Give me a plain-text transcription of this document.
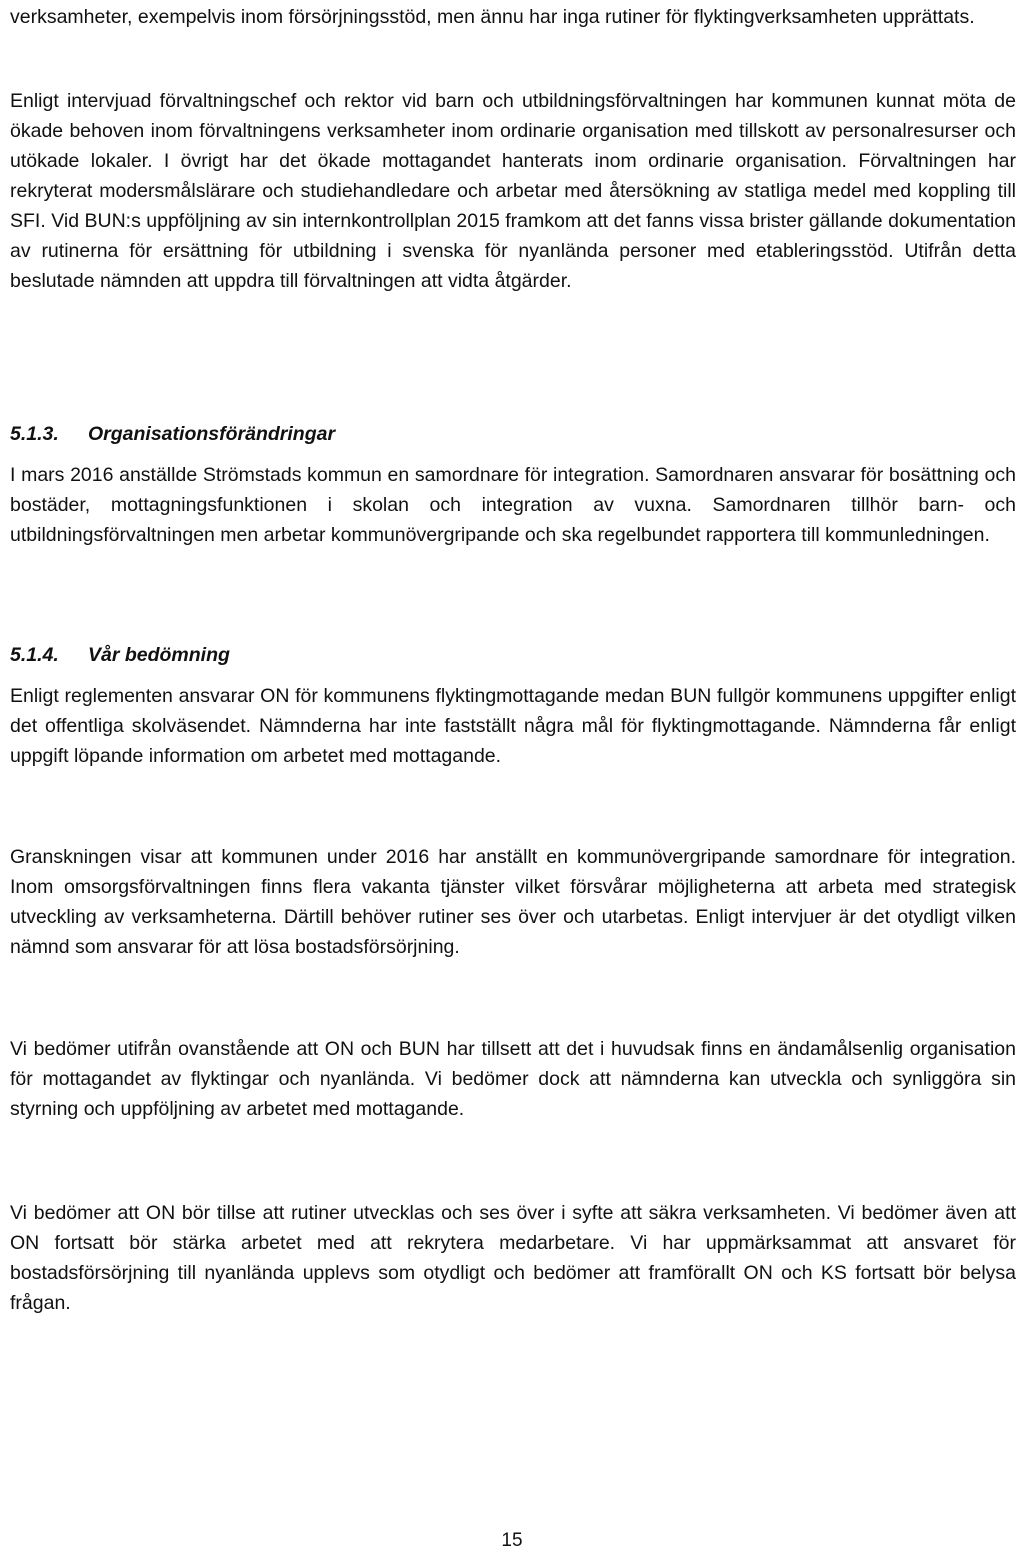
verksamheter, exempelvis inom försörjningsstöd, men ännu har inga rutiner för flyktingverksamheten upprättats.

Enligt intervjuad förvaltningschef och rektor vid barn och utbildningsförvaltningen har kommunen kunnat möta de ökade behoven inom förvaltningens verksamheter inom ordinarie organisation med tillskott av personalresurser och utökade lokaler. I övrigt har det ökade mottagandet hanterats inom ordinarie organisation. Förvaltningen har rekryterat modersmålslärare och studiehandledare och arbetar med återsökning av statliga medel med koppling till SFI. Vid BUN:s uppföljning av sin internkontrollplan 2015 framkom att det fanns vissa brister gällande dokumentation av rutinerna för ersättning för utbildning i svenska för nyanlända personer med etableringsstöd. Utifrån detta beslutade nämnden att uppdra till förvaltningen att vidta åtgärder.

5.1.3. Organisationsförändringar

I mars 2016 anställde Strömstads kommun en samordnare för integration. Samordnaren ansvarar för bosättning och bostäder, mottagningsfunktionen i skolan och integration av vuxna. Samordnaren tillhör barn- och utbildningsförvaltningen men arbetar kommunövergripande och ska regelbundet rapportera till kommunledningen.

5.1.4. Vår bedömning

Enligt reglementen ansvarar ON för kommunens flyktingmottagande medan BUN fullgör kommunens uppgifter enligt det offentliga skolväsendet. Nämnderna har inte fastställt några mål för flyktingmottagande. Nämnderna får enligt uppgift löpande information om arbetet med mottagande.

Granskningen visar att kommunen under 2016 har anställt en kommunövergripande samordnare för integration. Inom omsorgsförvaltningen finns flera vakanta tjänster vilket försvårar möjligheterna att arbeta med strategisk utveckling av verksamheterna. Därtill behöver rutiner ses över och utarbetas. Enligt intervjuer är det otydligt vilken nämnd som ansvarar för att lösa bostadsförsörjning.

Vi bedömer utifrån ovanstående att ON och BUN har tillsett att det i huvudsak finns en ändamålsenlig organisation för mottagandet av flyktingar och nyanlända. Vi bedömer dock att nämnderna kan utveckla och synliggöra sin styrning och uppföljning av arbetet med mottagande.

Vi bedömer att ON bör tillse att rutiner utvecklas och ses över i syfte att säkra verksamheten. Vi bedömer även att ON fortsatt bör stärka arbetet med att rekrytera medarbetare. Vi har uppmärksammat att ansvaret för bostadsförsörjning till nyanlända upplevs som otydligt och bedömer att framförallt ON och KS fortsatt bör belysa frågan.

15
